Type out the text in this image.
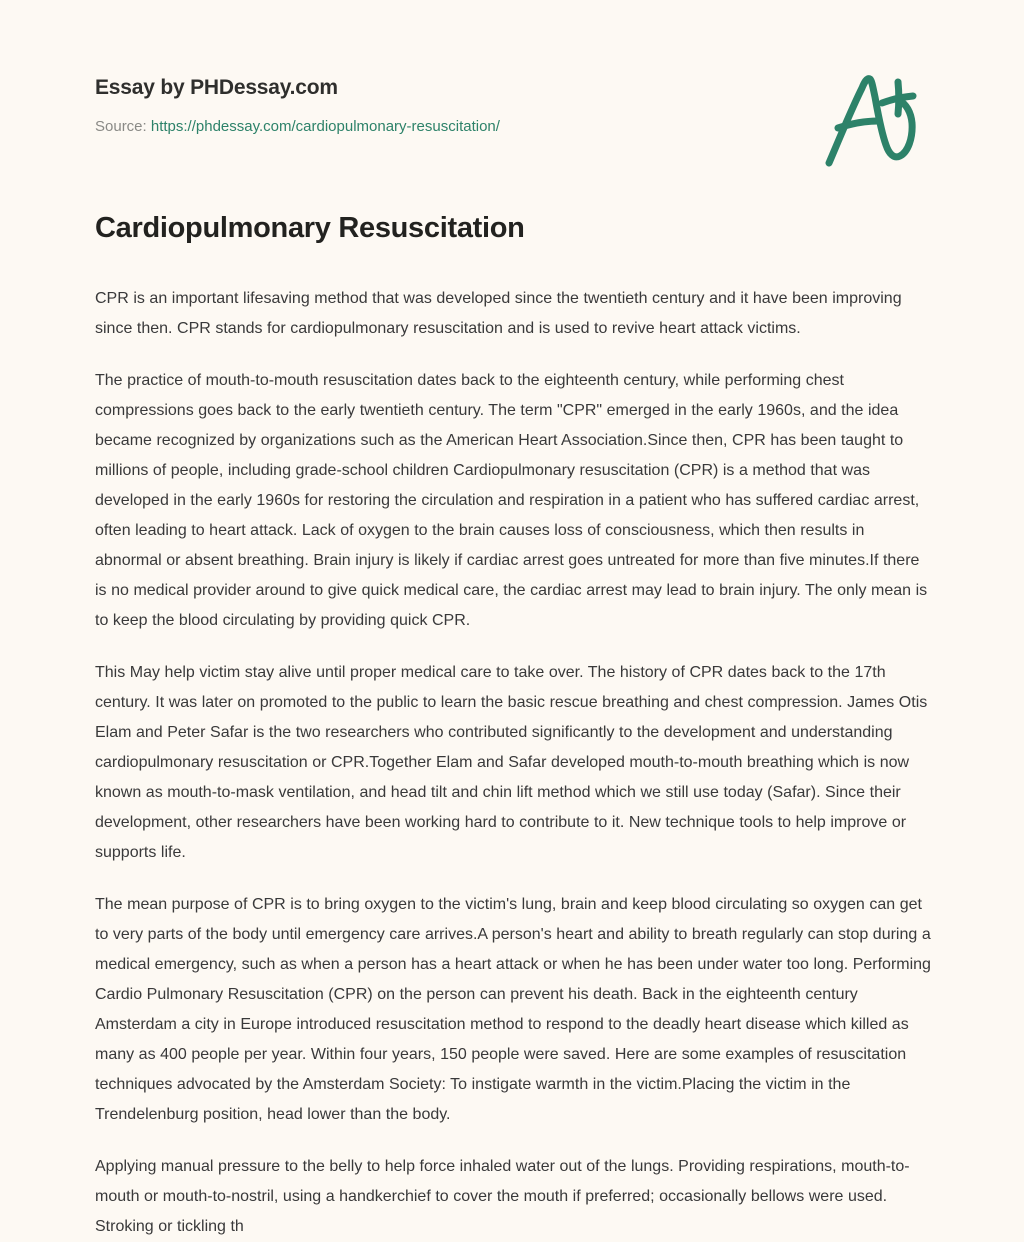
Essay by PHDessay.com

Source: https://phdessay.com/cardiopulmonary-resuscitation/

Cardiopulmonary Resuscitation

CPR is an important lifesaving method that was developed since the twentieth century and it have been improving since then. CPR stands for cardiopulmonary resuscitation and is used to revive heart attack victims.

The practice of mouth-to-mouth resuscitation dates back to the eighteenth century, while performing chest compressions goes back to the early twentieth century. The term "CPR" emerged in the early 1960s, and the idea became recognized by organizations such as the American Heart Association.Since then, CPR has been taught to millions of people, including grade-school children Cardiopulmonary resuscitation (CPR) is a method that was developed in the early 1960s for restoring the circulation and respiration in a patient who has suffered cardiac arrest, often leading to heart attack. Lack of oxygen to the brain causes loss of consciousness, which then results in abnormal or absent breathing. Brain injury is likely if cardiac arrest goes untreated for more than five minutes.If there is no medical provider around to give quick medical care, the cardiac arrest may lead to brain injury. The only mean is to keep the blood circulating by providing quick CPR.

This May help victim stay alive until proper medical care to take over. The history of CPR dates back to the 17th century. It was later on promoted to the public to learn the basic rescue breathing and chest compression. James Otis Elam and Peter Safar is the two researchers who contributed significantly to the development and understanding cardiopulmonary resuscitation or CPR.Together Elam and Safar developed mouth-to-mouth breathing which is now known as mouth-to-mask ventilation, and head tilt and chin lift method which we still use today (Safar). Since their development, other researchers have been working hard to contribute to it. New technique tools to help improve or supports life.

The mean purpose of CPR is to bring oxygen to the victim's lung, brain and keep blood circulating so oxygen can get to very parts of the body until emergency care arrives.A person's heart and ability to breath regularly can stop during a medical emergency, such as when a person has a heart attack or when he has been under water too long. Performing Cardio Pulmonary Resuscitation (CPR) on the person can prevent his death. Back in the eighteenth century Amsterdam a city in Europe introduced resuscitation method to respond to the deadly heart disease which killed as many as 400 people per year. Within four years, 150 people were saved. Here are some examples of resuscitation techniques advocated by the Amsterdam Society: To instigate warmth in the victim.Placing the victim in the Trendelenburg position, head lower than the body.

Applying manual pressure to the belly to help force inhaled water out of the lungs. Providing respirations, mouth-to-mouth or mouth-to-nostril, using a handkerchief to cover the mouth if preferred; occasionally bellows were used. Stroking or tickling th
